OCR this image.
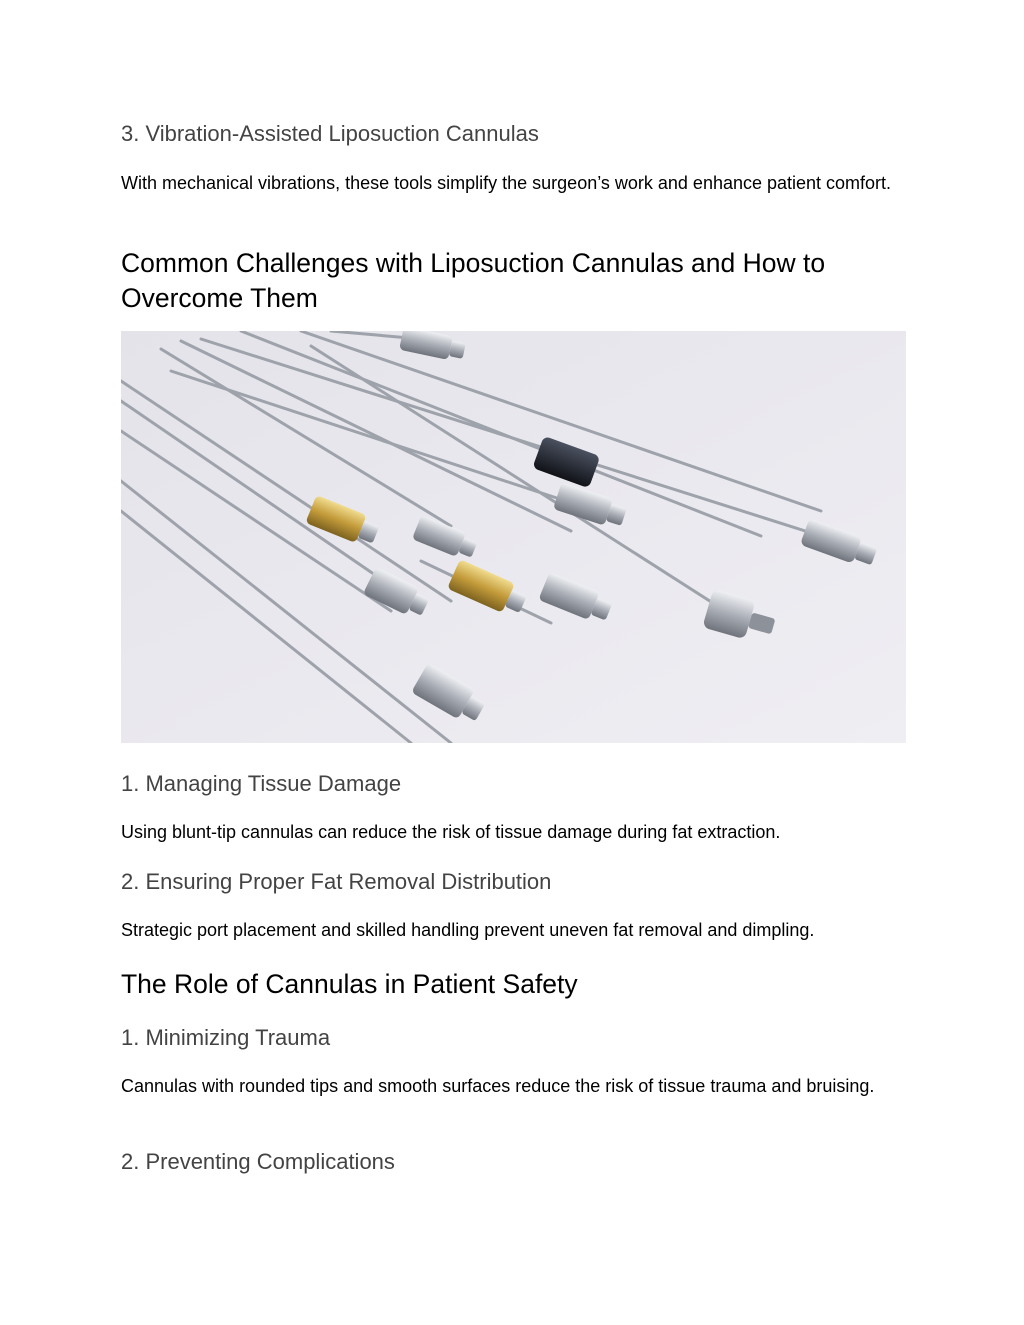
3. Vibration-Assisted Liposuction Cannulas

With mechanical vibrations, these tools simplify the surgeon’s work and enhance patient comfort.

Common Challenges with Liposuction Cannulas and How to Overcome Them
1. Managing Tissue Damage

Using blunt-tip cannulas can reduce the risk of tissue damage during fat extraction.

2. Ensuring Proper Fat Removal Distribution

Strategic port placement and skilled handling prevent uneven fat removal and dimpling.

The Role of Cannulas in Patient Safety
1. Minimizing Trauma

Cannulas with rounded tips and smooth surfaces reduce the risk of tissue trauma and bruising.

2. Preventing Complications
